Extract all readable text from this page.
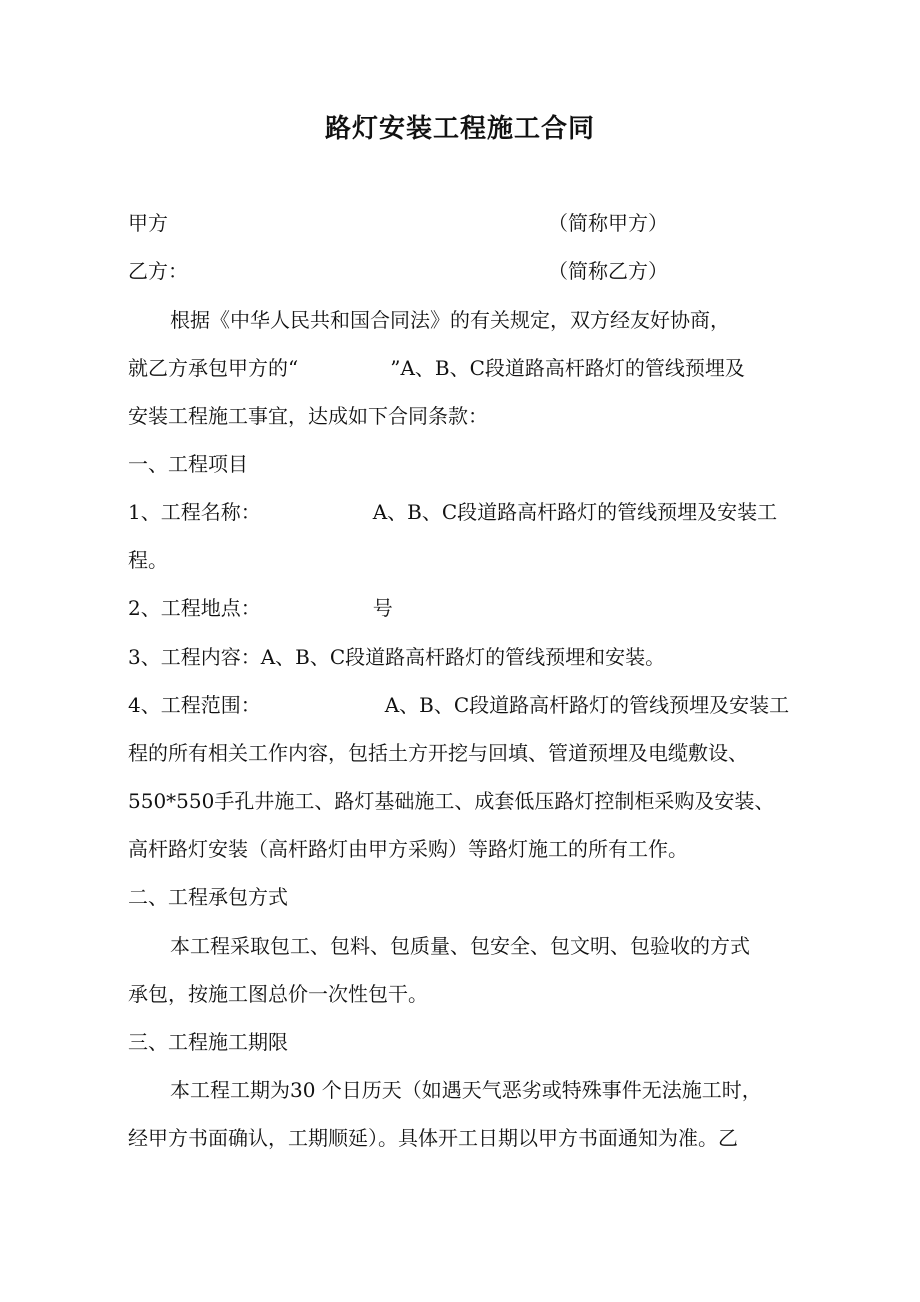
路灯安装工程施工合同
甲方	（简称甲方）
乙方：	（简称乙方）
根据《中华人民共和国合同法》的有关规定，双方经友好协商，
就乙方承包甲方的“	”A、B、C段道路高杆路灯的管线预埋及
安装工程施工事宜，达成如下合同条款：
一、工程项目
1、工程名称：	A、B、C段道路高杆路灯的管线预埋及安装工
程。
2、工程地点：	号
3、工程内容：A、B、C段道路高杆路灯的管线预埋和安装。
4、工程范围：	A、B、C段道路高杆路灯的管线预埋及安装工
程的所有相关工作内容，包括土方开挖与回填、管道预埋及电缆敷设、
550*550手孔井施工、路灯基础施工、成套低压路灯控制柜采购及安装、
高杆路灯安装（高杆路灯由甲方采购）等路灯施工的所有工作。
二、工程承包方式
本工程采取包工、包料、包质量、包安全、包文明、包验收的方式
承包，按施工图总价一次性包干。
三、工程施工期限
本工程工期为30 个日历天（如遇天气恶劣或特殊事件无法施工时，
经甲方书面确认，工期顺延）。具体开工日期以甲方书面通知为准。乙
